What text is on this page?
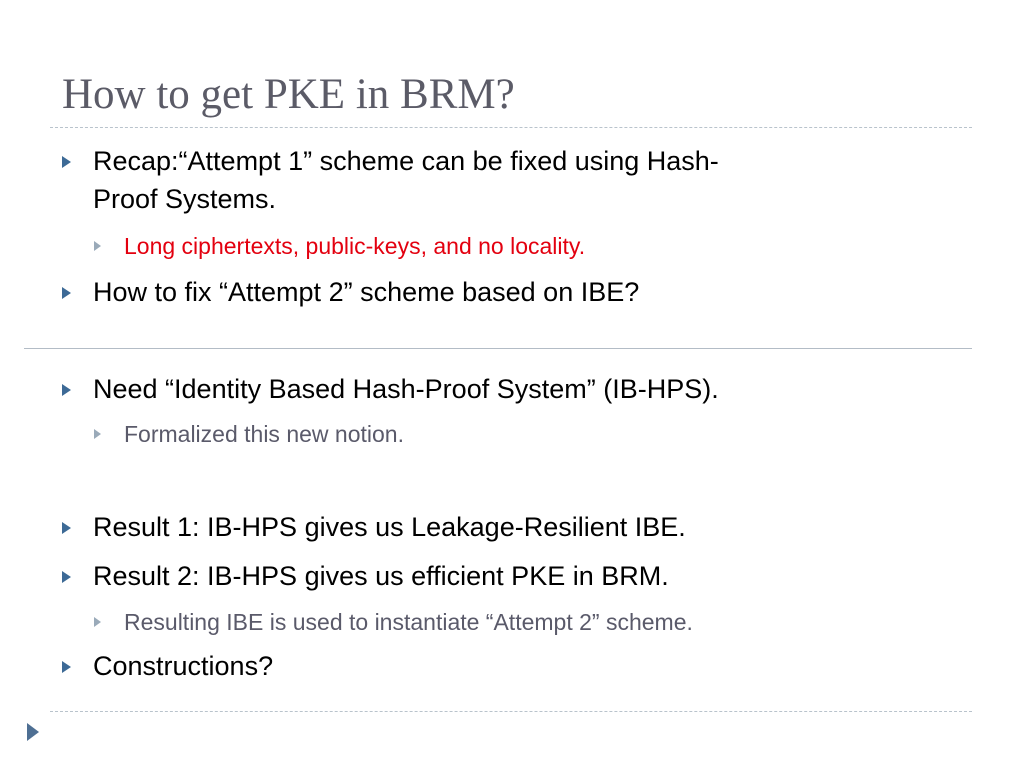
How to get PKE in BRM?
Recap:“Attempt 1” scheme can be fixed using Hash-
Proof Systems.
Long ciphertexts, public-keys, and no locality.
How to fix “Attempt 2” scheme based on IBE?
Need “Identity Based Hash-Proof System” (IB-HPS).
Formalized this new notion.
Result 1: IB-HPS gives us Leakage-Resilient IBE.
Result 2: IB-HPS gives us efficient PKE in BRM.
Resulting IBE is used to instantiate “Attempt 2” scheme.
Constructions?
